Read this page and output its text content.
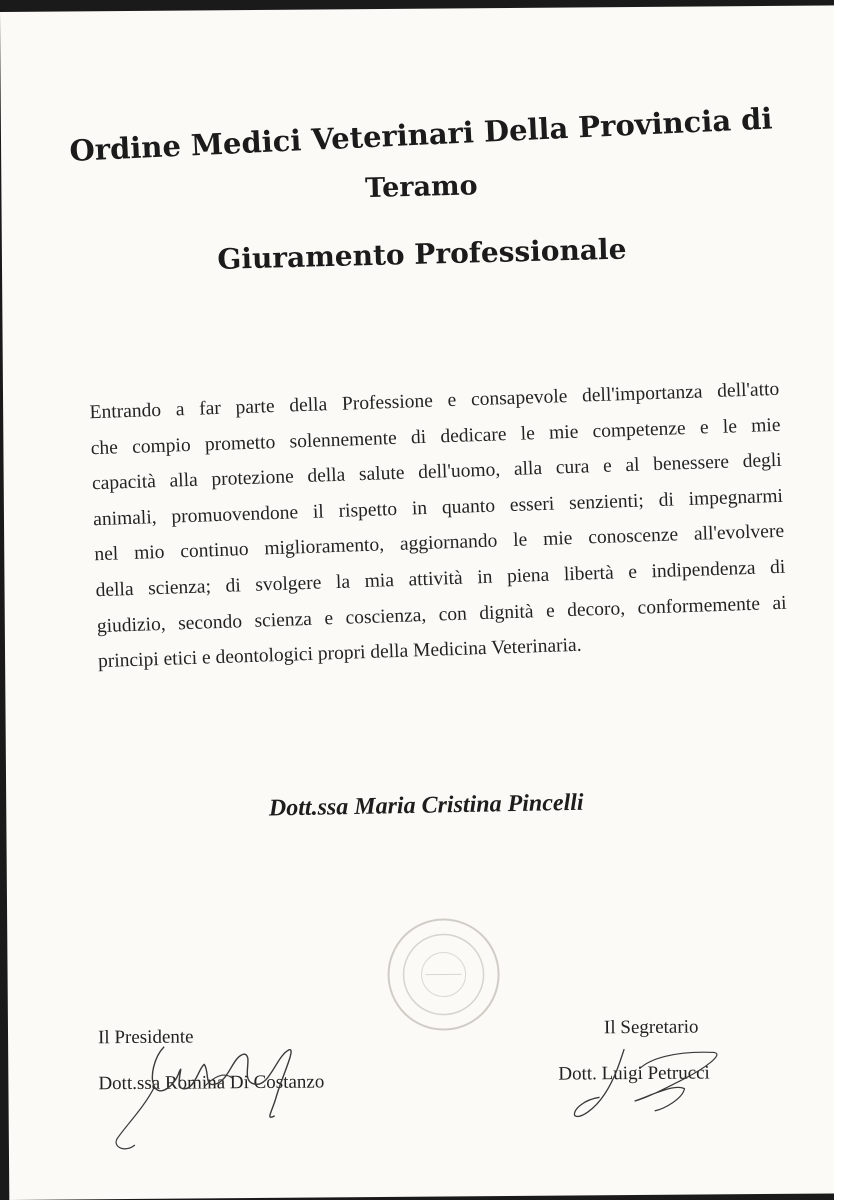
Ordine Medici Veterinari Della Provincia di
Teramo
Giuramento Professionale

Entrando a far parte della Professione e consapevole dell'importanza dell'atto
che compio prometto solennemente di dedicare le mie competenze e le mie
capacità alla protezione della salute dell'uomo, alla cura e al benessere degli
animali, promuovendone il rispetto in quanto esseri senzienti; di impegnarmi
nel mio continuo miglioramento, aggiornando le mie conoscenze all'evolvere
della scienza; di svolgere la mia attività in piena libertà e indipendenza di
giudizio, secondo scienza e coscienza, con dignità e decoro, conformemente ai
principi etici e deontologici propri della Medicina Veterinaria.

Dott.ssa Maria Cristina Pincelli

Il Presidente

Dott.ssa Romina Di Costanzo

Il Segretario

Dott. Luigi Petrucci
